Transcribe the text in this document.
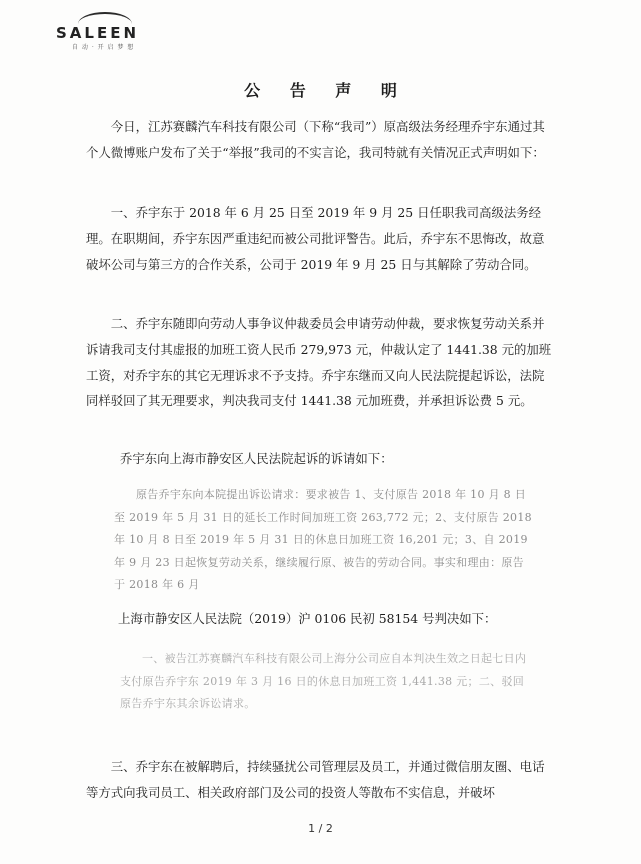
SALEEN
自 动 · 开 启 梦 想
公 告 声 明

今日，江苏赛麟汽车科技有限公司（下称“我司”）原高级法务经理乔宇东通过其个人微博账户发布了关于“举报”我司的不实言论，我司特就有关情况正式声明如下：

一、乔宇东于 2018 年 6 月 25 日至 2019 年 9 月 25 日任职我司高级法务经理。在职期间，乔宇东因严重违纪而被公司批评警告。此后，乔宇东不思悔改，故意破坏公司与第三方的合作关系，公司于 2019 年 9 月 25 日与其解除了劳动合同。

二、乔宇东随即向劳动人事争议仲裁委员会申请劳动仲裁，要求恢复劳动关系并诉请我司支付其虚报的加班工资人民币 279,973 元，仲裁认定了 1441.38 元的加班工资，对乔宇东的其它无理诉求不予支持。乔宇东继而又向人民法院提起诉讼，法院同样驳回了其无理要求，判决我司支付 1441.38 元加班费，并承担诉讼费 5 元。

乔宇东向上海市静安区人民法院起诉的诉请如下：

原告乔宇东向本院提出诉讼请求：要求被告 1、支付原告 2018 年 10 月 8 日至 2019 年 5 月 31 日的延长工作时间加班工资 263,772 元；2、支付原告 2018 年 10 月 8 日至 2019 年 5 月 31 日的休息日加班工资 16,201 元；3、自 2019 年 9 月 23 日起恢复劳动关系，继续履行原、被告的劳动合同。事实和理由：原告于 2018 年 6 月

上海市静安区人民法院（2019）沪 0106 民初 58154 号判决如下：

一、被告江苏赛麟汽车科技有限公司上海分公司应自本判决生效之日起七日内支付原告乔宇东 2019 年 3 月 16 日的休息日加班工资 1,441.38 元；二、驳回原告乔宇东其余诉讼请求。

三、乔宇东在被解聘后，持续骚扰公司管理层及员工，并通过微信朋友圈、电话等方式向我司员工、相关政府部门及公司的投资人等散布不实信息，并破坏

1 / 2
